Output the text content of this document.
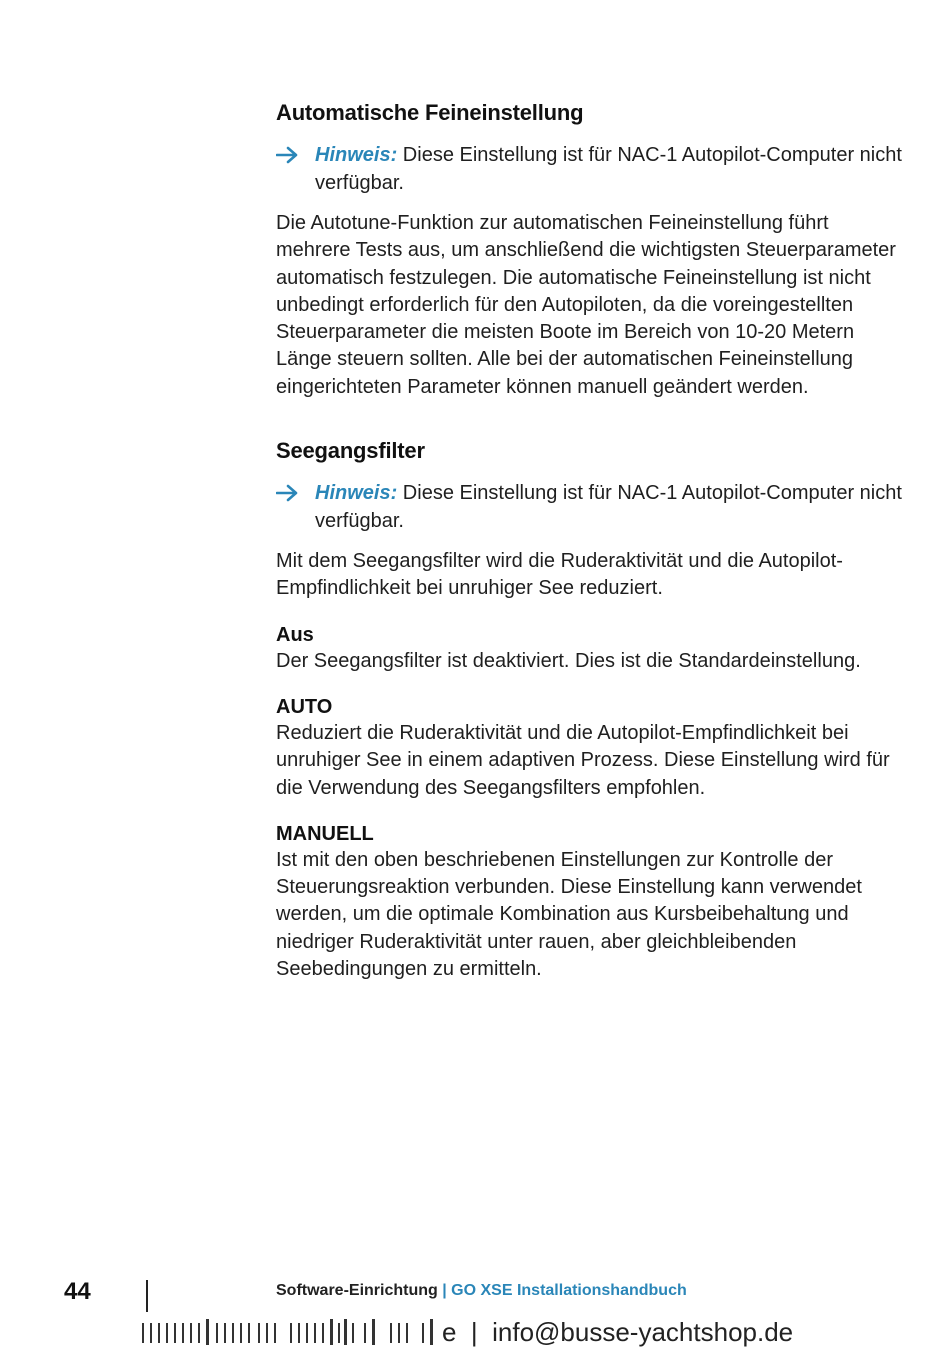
Automatische Feineinstellung
Hinweis: Diese Einstellung ist für NAC-1 Autopilot-Computer nicht verfügbar.

Die Autotune-Funktion zur automatischen Feineinstellung führt mehrere Tests aus, um anschließend die wichtigsten Steuerparameter automatisch festzulegen. Die automatische Feineinstellung ist nicht unbedingt erforderlich für den Autopiloten, da die voreingestellten Steuerparameter die meisten Boote im Bereich von 10-20 Metern Länge steuern sollten. Alle bei der automatischen Feineinstellung eingerichteten Parameter können manuell geändert werden.

Seegangsfilter
Hinweis: Diese Einstellung ist für NAC-1 Autopilot-Computer nicht verfügbar.

Mit dem Seegangsfilter wird die Ruderaktivität und die Autopilot-Empfindlichkeit bei unruhiger See reduziert.

Aus

Der Seegangsfilter ist deaktiviert. Dies ist die Standardeinstellung.

AUTO

Reduziert die Ruderaktivität und die Autopilot-Empfindlichkeit bei unruhiger See in einem adaptiven Prozess. Diese Einstellung wird für die Verwendung des Seegangsfilters empfohlen.

MANUELL

Ist mit den oben beschriebenen Einstellungen zur Kontrolle der Steuerungsreaktion verbunden. Diese Einstellung kann verwendet werden, um die optimale Kombination aus Kursbeibehaltung und niedriger Ruderaktivität unter rauen, aber gleichbleibenden Seebedingungen zu ermitteln.

44	Software-Einrichtung | GO XSE Installationshandbuch
e  |  info@busse-yachtshop.de
